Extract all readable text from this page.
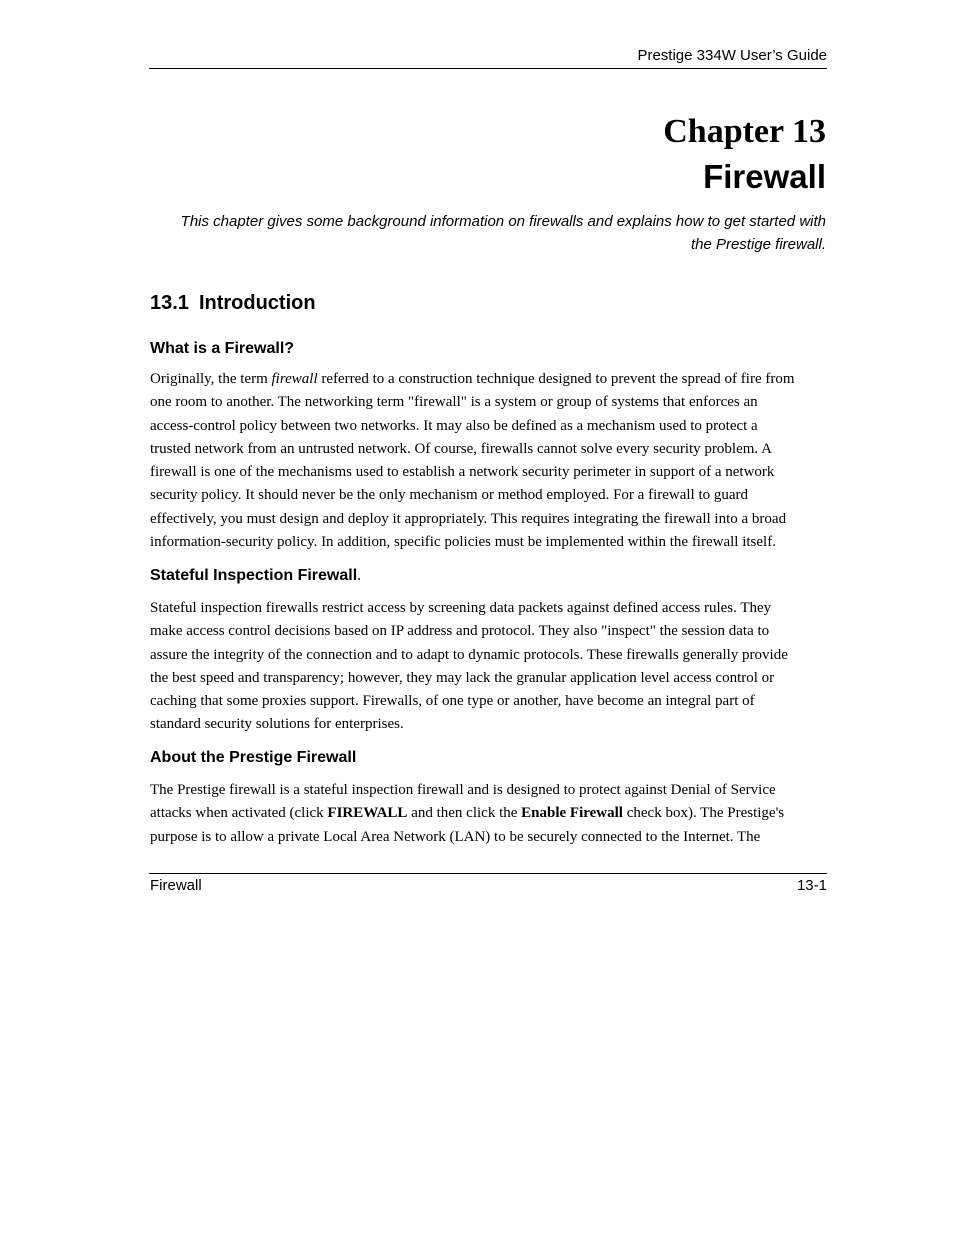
Prestige 334W User’s Guide
Chapter 13
Firewall
This chapter gives some background information on firewalls and explains how to get started with
the Prestige firewall.
13.1 Introduction
What is a Firewall?
Originally, the term firewall referred to a construction technique designed to prevent the spread of fire from
one room to another. The networking term "firewall" is a system or group of systems that enforces an
access-control policy between two networks. It may also be defined as a mechanism used to protect a
trusted network from an untrusted network. Of course, firewalls cannot solve every security problem. A
firewall is one of the mechanisms used to establish a network security perimeter in support of a network
security policy. It should never be the only mechanism or method employed. For a firewall to guard
effectively, you must design and deploy it appropriately. This requires integrating the firewall into a broad
information-security policy. In addition, specific policies must be implemented within the firewall itself.
Stateful Inspection Firewall.
Stateful inspection firewalls restrict access by screening data packets against defined access rules. They
make access control decisions based on IP address and protocol. They also "inspect" the session data to
assure the integrity of the connection and to adapt to dynamic protocols. These firewalls generally provide
the best speed and transparency; however, they may lack the granular application level access control or
caching that some proxies support. Firewalls, of one type or another, have become an integral part of
standard security solutions for enterprises.
About the Prestige Firewall
The Prestige firewall is a stateful inspection firewall and is designed to protect against Denial of Service
attacks when activated (click FIREWALL and then click the Enable Firewall check box). The Prestige's
purpose is to allow a private Local Area Network (LAN) to be securely connected to the Internet. The
Firewall	13-1
